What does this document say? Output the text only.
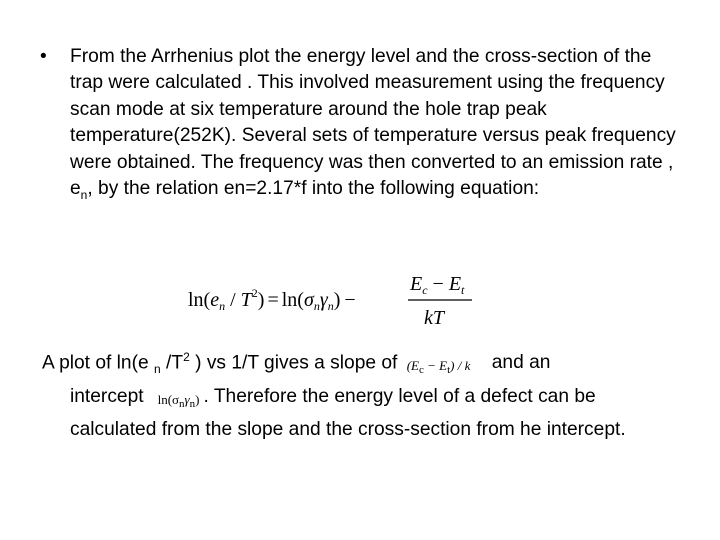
• From the Arrhenius plot the energy level and the cross-section of the trap were calculated . This involved measurement using the frequency scan mode at six temperature around the hole trap peak temperature(252K). Several sets of temperature versus peak frequency were obtained. The frequency was then converted to an emission rate , $e_n$, by the relation en=2.17*f into the following equation:
$\ln(e_n / T^2) = \ln(\sigma_n\gamma_n)$ −
$E_c - E_t$
kT
A plot of ln(e $_n$ $/T^2$ ) vs 1/T gives a slope of $(E_c - E_t) / k$ and an
intercept $\ln(\sigma_n\gamma_n)$ . Therefore the energy level of a defect can be calculated from the slope and the cross-section from he intercept.
